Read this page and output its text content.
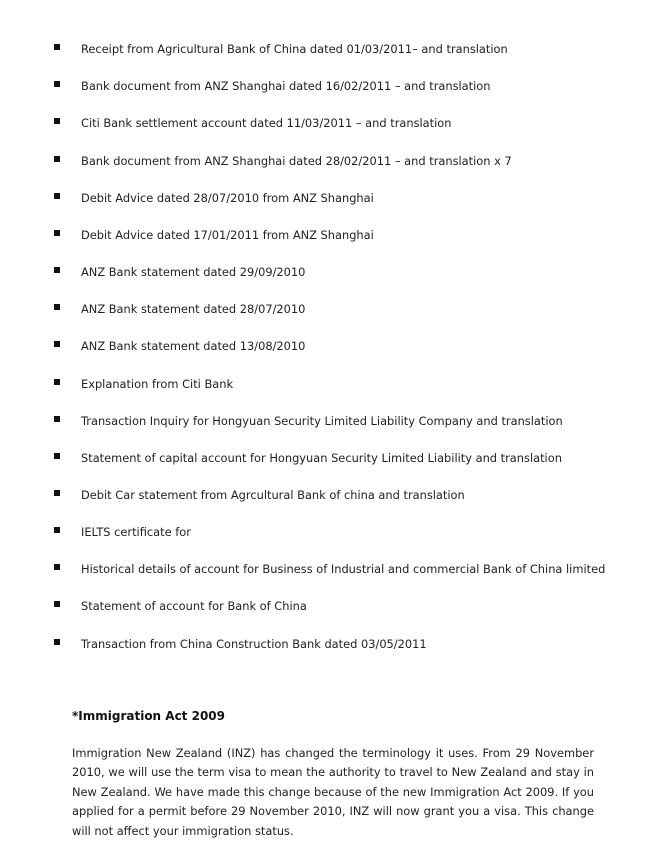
Receipt from Agricultural Bank of China dated 01/03/2011– and translation
Bank document from ANZ Shanghai dated 16/02/2011 – and translation
Citi Bank settlement account dated 11/03/2011 – and translation
Bank document from ANZ Shanghai dated 28/02/2011 – and translation x 7
Debit Advice dated 28/07/2010 from ANZ Shanghai
Debit Advice dated 17/01/2011 from ANZ Shanghai
ANZ Bank statement dated 29/09/2010
ANZ Bank statement dated 28/07/2010
ANZ Bank statement dated 13/08/2010
Explanation from Citi Bank
Transaction Inquiry for Hongyuan Security Limited Liability Company and translation
Statement of capital account for Hongyuan Security Limited Liability and translation
Debit Car statement from Agrcultural Bank of china and translation
IELTS certificate for
Historical details of account for Business of Industrial and commercial Bank of China limited
Statement of account for Bank of China
Transaction from China Construction Bank dated 03/05/2011
*Immigration Act 2009

Immigration New Zealand (INZ) has changed the terminology it uses. From 29 November 2010, we will use the term visa to mean the authority to travel to New Zealand and stay in New Zealand. We have made this change because of the new Immigration Act 2009. If you applied for a permit before 29 November 2010, INZ will now grant you a visa. This change will not affect your immigration status.
